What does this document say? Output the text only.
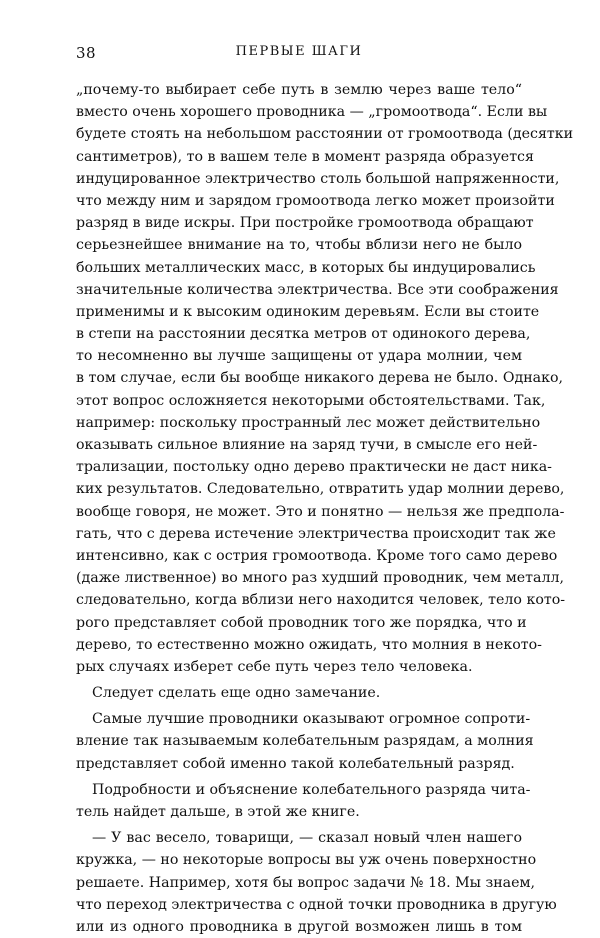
38	ПЕРВЫЕ ШАГИ
„почему-то выбирает себе путь в землю через ваше тело“
вместо очень хорошего проводника — „громоотвода“. Если вы
будете стоять на небольшом расстоянии от громоотвода (десятки
сантиметров), то в вашем теле в момент разряда образуется
индуцированное электричество столь большой напряженности,
что между ним и зарядом громоотвода легко может произойти
разряд в виде искры. При постройке громоотвода обращают
серьезнейшее внимание на то, чтобы вблизи него не было
больших металлических масс, в которых бы индуцировались
значительные количества электричества. Все эти соображения
применимы и к высоким одиноким деревьям. Если вы стоите
в степи на расстоянии десятка метров от одинокого дерева,
то несомненно вы лучше защищены от удара молнии, чем
в том случае, если бы вообще никакого дерева не было. Однако,
этот вопрос осложняется некоторыми обстоятельствами. Так,
например: поскольку пространный лес может действительно
оказывать сильное влияние на заряд тучи, в смысле его ней-
трализации, постольку одно дерево практически не даст ника-
ких результатов. Следовательно, отвратить удар молнии дерево,
вообще говоря, не может. Это и понятно — нельзя же предпола-
гать, что с дерева истечение электричества происходит так же
интенсивно, как с острия громоотвода. Кроме того само дерево
(даже лиственное) во много раз худший проводник, чем металл,
следовательно, когда вблизи него находится человек, тело кото-
рого представляет собой проводник того же порядка, что и
дерево, то естественно можно ожидать, что молния в некото-
рых случаях изберет себе путь через тело человека.
Следует сделать еще одно замечание.
Самые лучшие проводники оказывают огромное сопроти-
вление так называемым колебательным разрядам, а молния
представляет собой именно такой колебательный разряд.
Подробности и объяснение колебательного разряда чита-
тель найдет дальше, в этой же книге.
— У вас весело, товарищи, — сказал новый член нашего
кружка, — но некоторые вопросы вы уж очень поверхностно
решаете. Например, хотя бы вопрос задачи № 18. Мы знаем,
что переход электричества с одной точки проводника в другую
или из одного проводника в другой возможен лишь в том
